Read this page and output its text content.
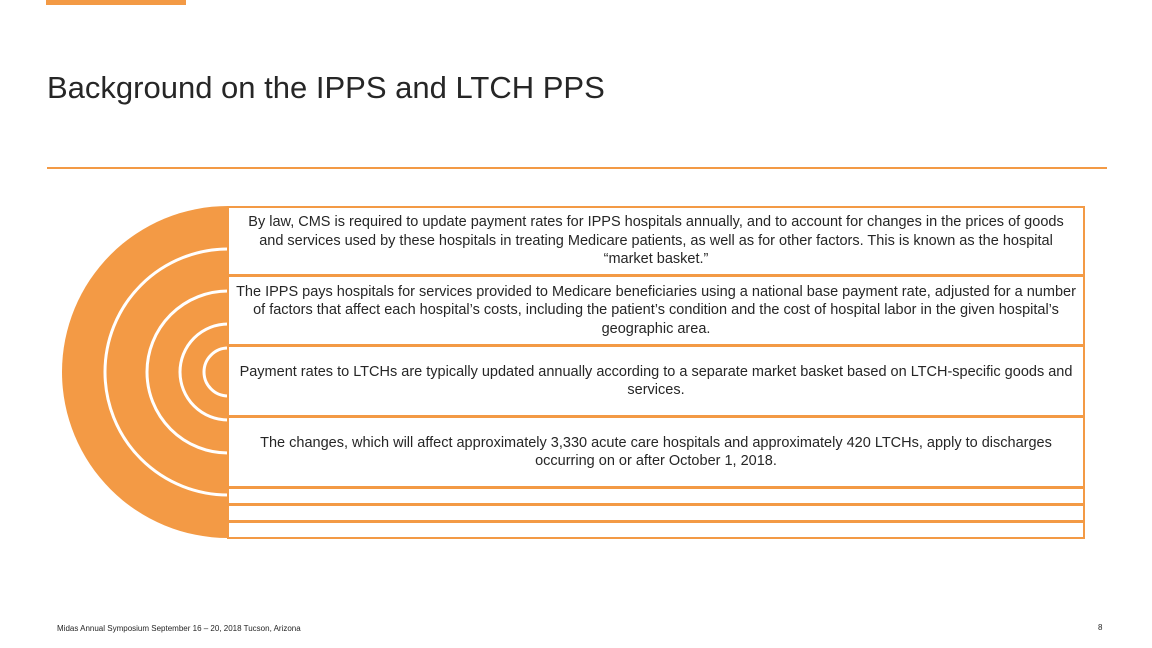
Background on the IPPS and LTCH PPS
By law, CMS is required to update payment rates for IPPS hospitals annually, and to account for changes in the prices of goods and services used by these hospitals in treating Medicare patients, as well as for other factors. This is known as the hospital “market basket.”
The IPPS pays hospitals for services provided to Medicare beneficiaries using a national base payment rate, adjusted for a number of factors that affect each hospital’s costs, including the patient’s condition and the cost of hospital labor in the given hospital’s geographic area.
Payment rates to LTCHs are typically updated annually according to a separate market basket based on LTCH-specific goods and services.
The changes, which will affect approximately 3,330 acute care hospitals and approximately 420 LTCHs, apply to discharges occurring on or after October 1, 2018.
Midas Annual Symposium September 16 – 20, 2018 Tucson, Arizona	8
